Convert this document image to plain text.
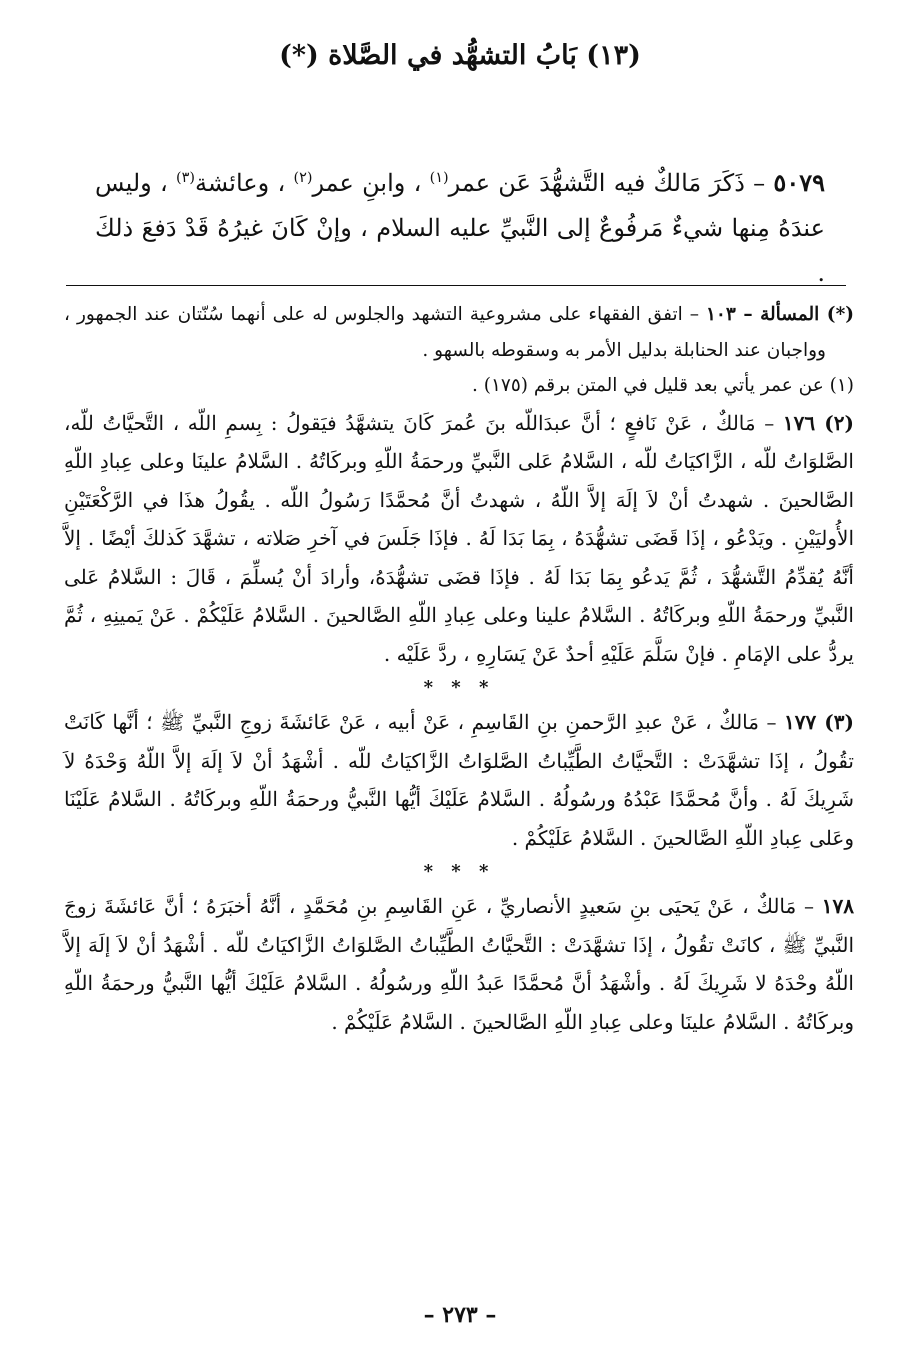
(١٣) بَابُ التشهُّد في الصَّلاة (*)

٥٠٧٩ – ذَكَرَ مَالكٌ فيه التَّشهُّدَ عَن عمر$^{(١)}$ ، وابنِ عمر$^{(٢)}$ ، وعائشة$^{(٣)}$ ، وليس عندَهُ مِنها شيءٌ مَرفُوعٌ إلى النَّبيِّ عليه السلام ، وإنْ كَانَ غيرُهُ قَدْ دَفعَ ذلكَ .

(*) المسألة – ١٠٣ – اتفق الفقهاء على مشروعية التشهد والجلوس له على أنهما سُنّتان عند الجمهور ، وواجبان عند الحنابلة بدليل الأمر به وسقوطه بالسهو .

(١) عن عمر يأتي بعد قليل في المتن برقم (١٧٥) .

(٢) ١٧٦ – مَالكٌ ، عَنْ نَافعٍ ؛ أنَّ عبدَاللّه بنَ عُمرَ كَانَ يتشهَّدُ فيَقولُ : بِسمِ اللّه ، التَّحيَّاتُ للّه، الصَّلوَاتُ للّه ، الزَّاكيَاتُ للّه ، السَّلامُ عَلى النَّبيِّ ورحمَةُ اللّهِ وبركَاتُهُ . السَّلامُ علينَا وعلى عِبادِ اللّهِ الصَّالحينَ . شهدتُ أنْ لاَ إلَهَ إلاَّ اللّهُ ، شهدتُ أنَّ مُحمَّدًا رَسُولُ اللّه . يقُولُ هذَا في الرَّكْعَتَيْنِ الأُوليَيْنِ . ويَدْعُو ، إذَا قَضَى تشهُّدَهُ ، بِمَا بَدَا لَهُ . فإذَا جَلَسَ في آخرِ صَلاته ، تشهَّدَ كَذلكَ أيْضًا . إلاَّ أنَّهُ يُقدِّمُ التَّشهُّدَ ، ثُمَّ يَدعُو بِمَا بَدَا لَهُ . فإذَا قضَى تشهُّدَهُ، وأرادَ أنْ يُسلِّمَ ، قَالَ : السَّلامُ عَلى النَّبيِّ ورحمَةُ اللّهِ وبركَاتُهُ . السَّلامُ علينا وعلى عِبادِ اللّهِ الصَّالحينَ . السَّلامُ عَلَيْكُمْ . عَنْ يَمينِهِ ، ثُمَّ يردُّ على الإمَامِ . فإنْ سَلَّمَ عَلَيْهِ أحدٌ عَنْ يَسَارِهِ ، ردَّ عَلَيْه .

* * *

(٣) ١٧٧ – مَالكٌ ، عَنْ عبدِ الرَّحمنِ بنِ القَاسِمِ ، عَنْ أبيه ، عَنْ عَائشَةَ زوجِ النَّبيِّ ﷺ ؛ أنَّها كَانَتْ تقُولُ ، إذَا تشهَّدَتْ : التَّحيَّاتُ الطَّيِّباتُ الصَّلوَاتُ الزَّاكيَاتُ للّه . أشْهَدُ أنْ لاَ إلَهَ إلاَّ اللّهُ وَحْدَهُ لاَ شَرِيكَ لَهُ . وأنَّ مُحمَّدًا عَبْدُهُ ورسُولُهُ . السَّلامُ عَلَيْكَ أيُّها النَّبيُّ ورحمَةُ اللّهِ وبركَاتُهُ . السَّلامُ عَلَيْنَا وعَلى عِبادِ اللّهِ الصَّالحينَ . السَّلامُ عَلَيْكُمْ .

* * *

١٧٨ – مَالكٌ ، عَنْ يَحيَى بنِ سَعيدٍ الأنصاريِّ ، عَنِ القَاسِمِ بنِ مُحَمَّدٍ ، أنَّهُ أخبَرَهُ ؛ أنَّ عَائشَةَ زوجَ النَّبيِّ ﷺ ، كانَتْ تقُولُ ، إذَا تشهَّدَتْ : التَّحيَّاتُ الطَّيِّباتُ الصَّلوَاتُ الزَّاكيَاتُ للّه . أشْهَدُ أنْ لاَ إلَهَ إلاَّ اللّهُ وحْدَهُ لا شَرِيكَ لَهُ . وأشْهَدُ أنَّ مُحمَّدًا عَبدُ اللّهِ ورسُولُهُ . السَّلامُ عَلَيْكَ أيُّها النَّبيُّ ورحمَةُ اللّهِ وبركَاتُهُ . السَّلامُ علينَا وعلى عِبادِ اللّهِ الصَّالحينَ . السَّلامُ عَلَيْكُمْ .

– ٢٧٣ –
